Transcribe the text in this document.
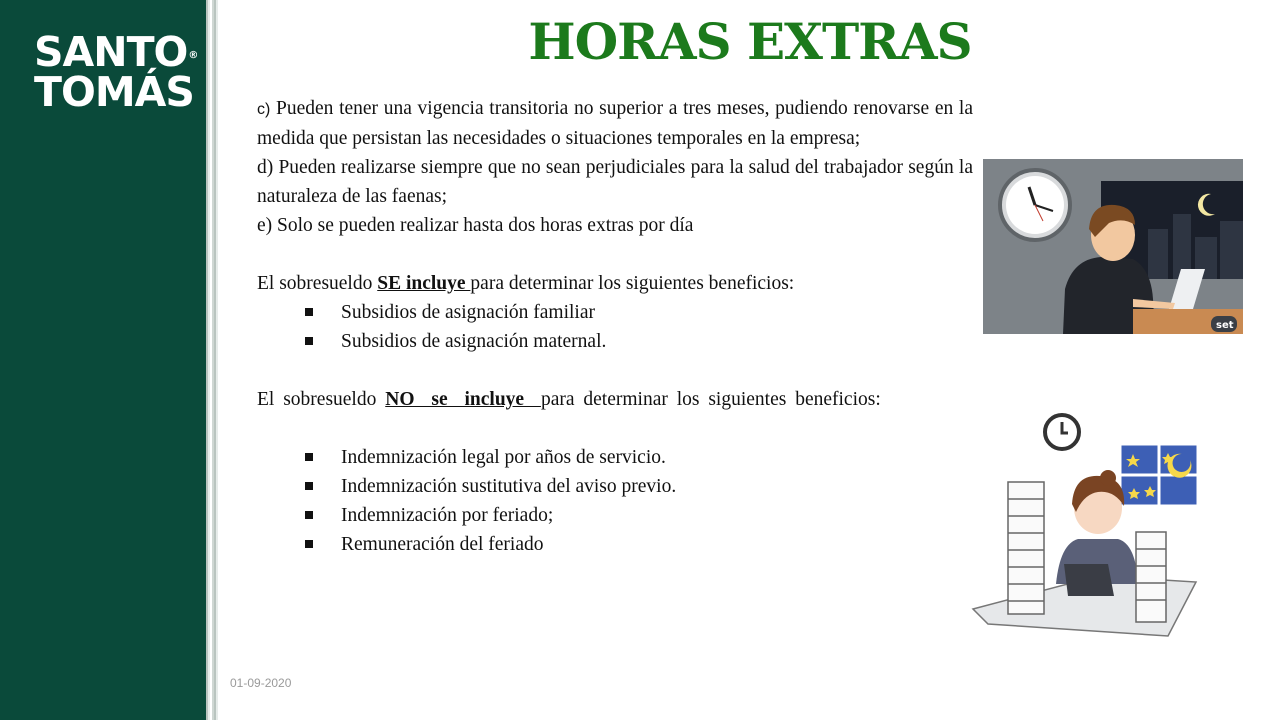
SANTO®
TOMÁS
HORAS EXTRAS

c) Pueden tener una vigencia transitoria no superior a tres meses, pudiendo renovarse en la medida que persistan las necesidades o situaciones temporales en la empresa;

d) Pueden realizarse siempre que no sean perjudiciales para la salud del trabajador según la naturaleza de las faenas;

e) Solo se pueden realizar hasta dos horas extras por día

El sobresueldo SE incluye para determinar los siguientes beneficios:

Subsidios de asignación familiar
Subsidios de asignación maternal.

El sobresueldo NO se incluye para determinar los siguientes beneficios:

Indemnización legal por años de servicio.
Indemnización sustitutiva del aviso previo.
Indemnización por feriado;
Remuneración del feriado
set
01-09-2020
